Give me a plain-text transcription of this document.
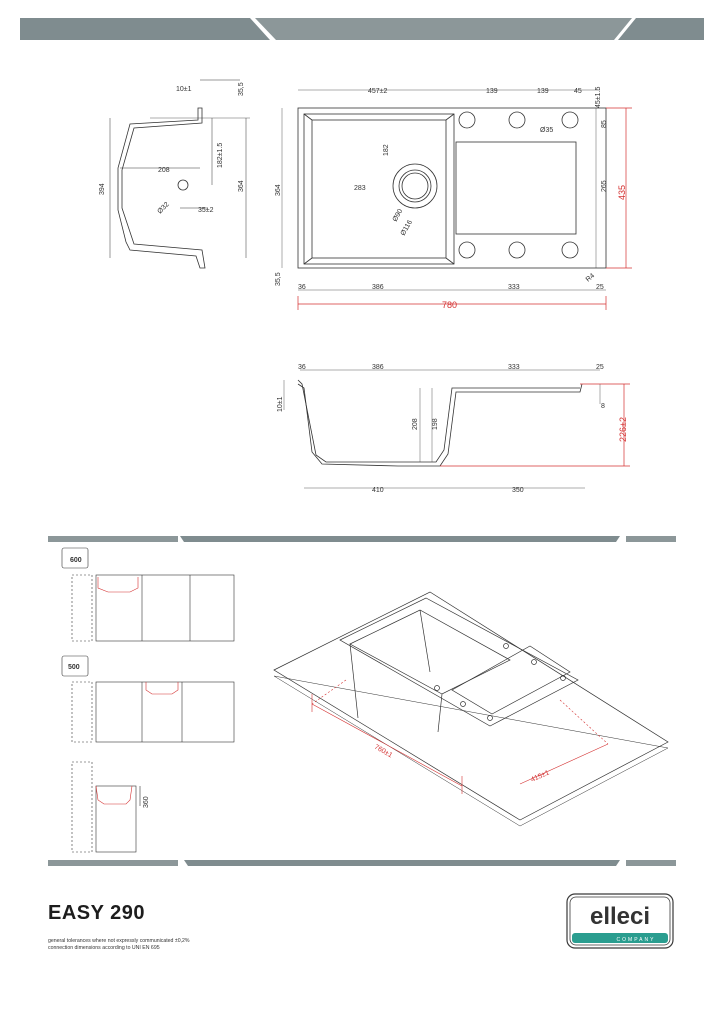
10±1	35,5
394	364
208
182±1.5
Ø32	35±2
457±2	139	139	45 45±1.5
Ø35
85
182
283	265
364	435
Ø90
Ø116
R4
35,5
36	386	333	25
780
36	386	333	25
10±1
208 198
8
226±2
410	350
600
500
360
760±1
415±1
EASY 290
general tolerances where not expressly communicated ±0,2%
connection dimensions according to UNI EN 695
elleci
COMPANY
